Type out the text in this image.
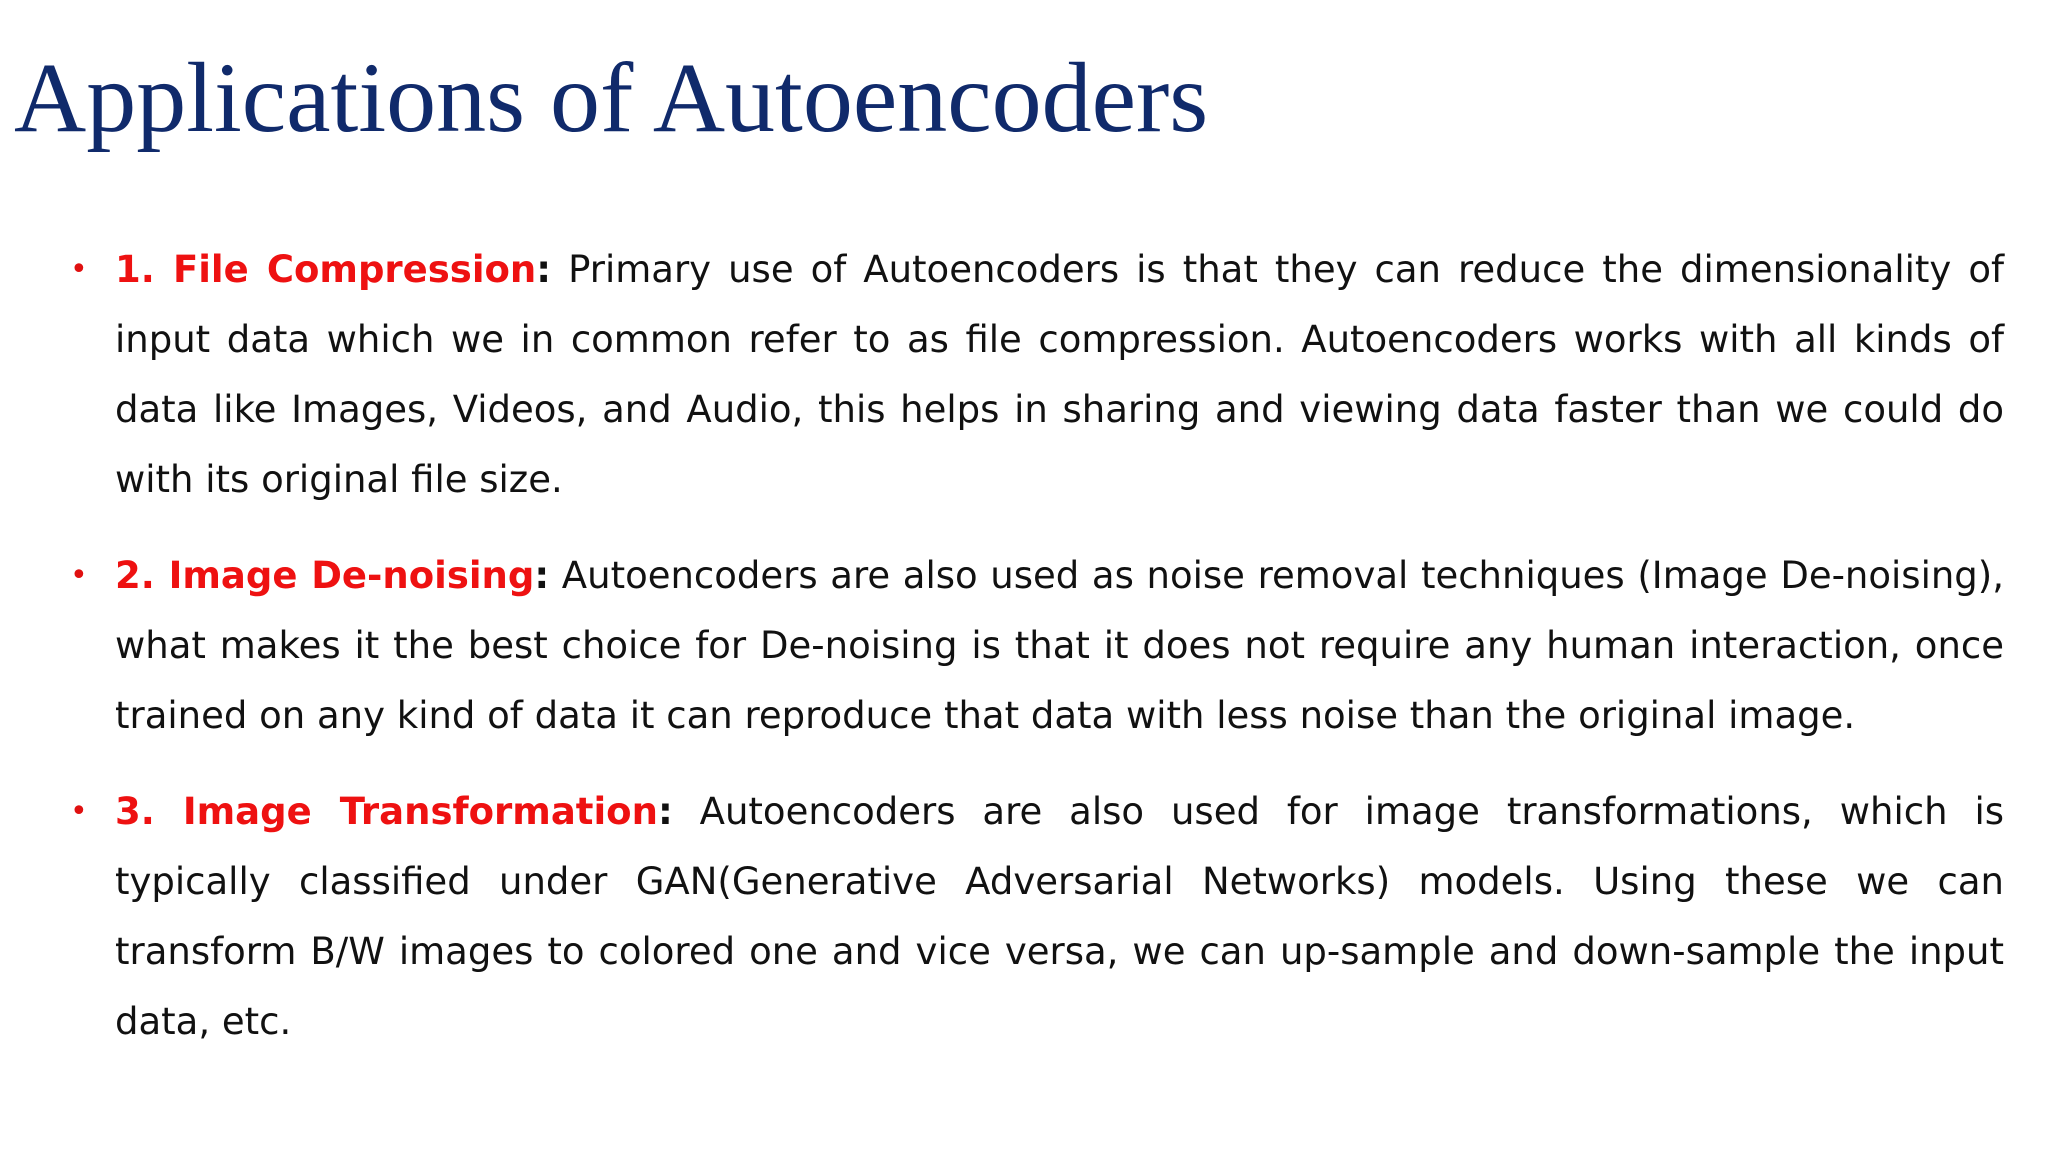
Applications of Autoencoders
• 1. File Compression: Primary use of Autoencoders is that they can reduce the dimensionality of input data which we in common refer to as file compression. Autoencoders works with all kinds of data like Images, Videos, and Audio, this helps in sharing and viewing data faster than we could do with its original file size.
• 2. Image De-noising: Autoencoders are also used as noise removal techniques (Image De-noising), what makes it the best choice for De-noising is that it does not require any human interaction, once trained on any kind of data it can reproduce that data with less noise than the original image.
• 3. Image Transformation: Autoencoders are also used for image transformations, which is typically classified under GAN(Generative Adversarial Networks) models. Using these we can transform B/W images to colored one and vice versa, we can up-sample and down-sample the input data, etc.
